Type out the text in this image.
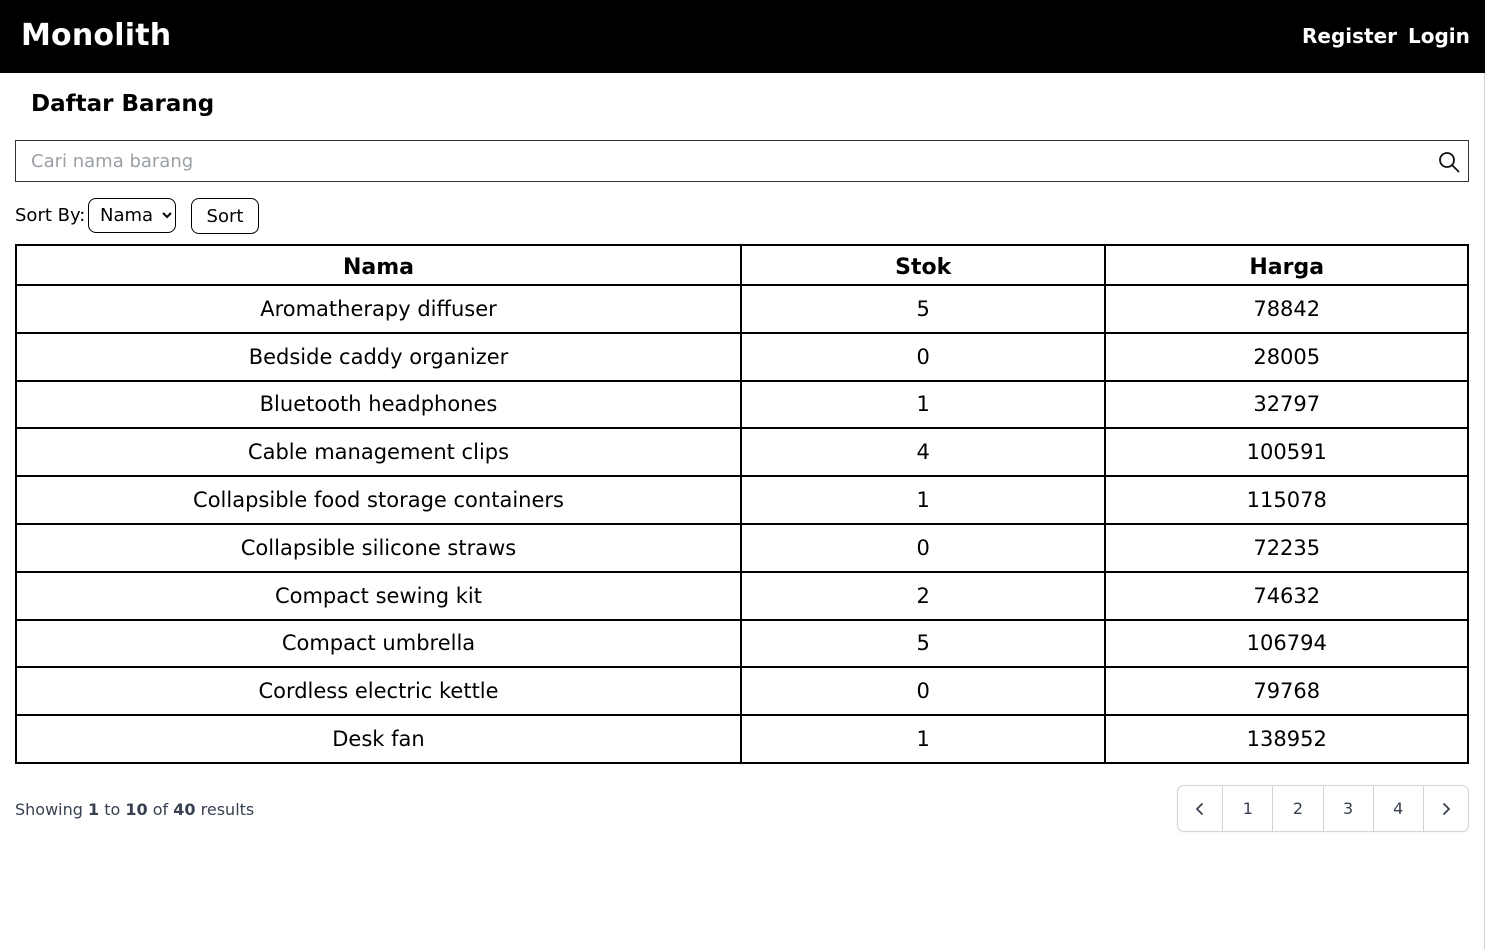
Monolith	Register Login
Daftar Barang
Cari nama barang
Sort By:
Nama	Sort
Nama	Stok	Harga
Aromatherapy diffuser	5	78842
Bedside caddy organizer	0	28005
Bluetooth headphones	1	32797
Cable management clips	4	100591
Collapsible food storage containers	1	115078
Collapsible silicone straws	0	72235
Compact sewing kit	2	74632
Compact umbrella	5	106794
Cordless electric kettle	0	79768
Desk fan	1	138952
Showing 1 to 10 of 40 results	1	2	3	4
